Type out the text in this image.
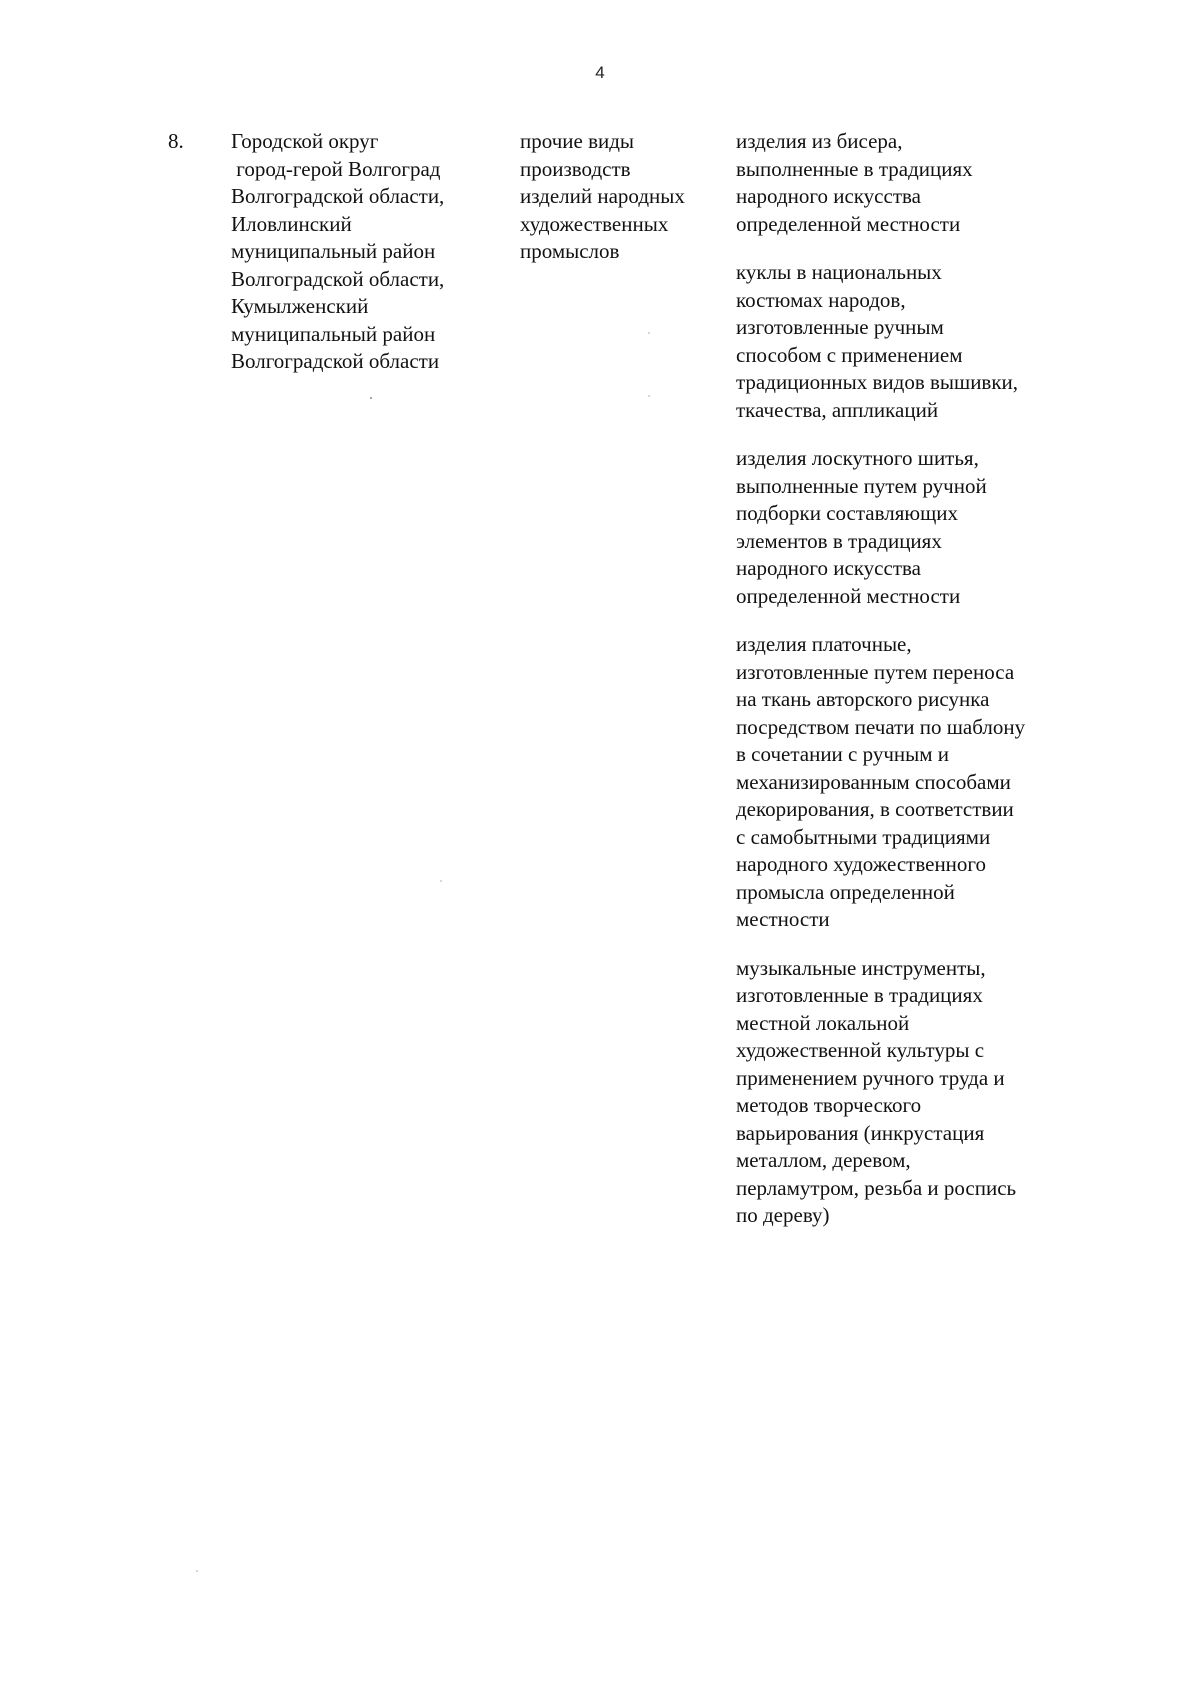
4
8. Городской округ
город-герой Волгоград
Волгоградской области,
Иловлинский
муниципальный район
Волгоградской области,
Кумылженский
муниципальный район
Волгоградской области
прочие виды
производств
изделий народных
художественных
промыслов
изделия из бисера,
выполненные в традициях
народного искусства
определенной местности
куклы в национальных
костюмах народов,
изготовленные ручным
способом с применением
традиционных видов вышивки,
ткачества, аппликаций
изделия лоскутного шитья,
выполненные путем ручной
подборки составляющих
элементов в традициях
народного искусства
определенной местности
изделия платочные,
изготовленные путем переноса
на ткань авторского рисунка
посредством печати по шаблону
в сочетании с ручным и
механизированным способами
декорирования, в соответствии
с самобытными традициями
народного художественного
промысла определенной
местности
музыкальные инструменты,
изготовленные в традициях
местной локальной
художественной культуры с
применением ручного труда и
методов творческого
варьирования (инкрустация
металлом, деревом,
перламутром, резьба и роспись
по дереву)
